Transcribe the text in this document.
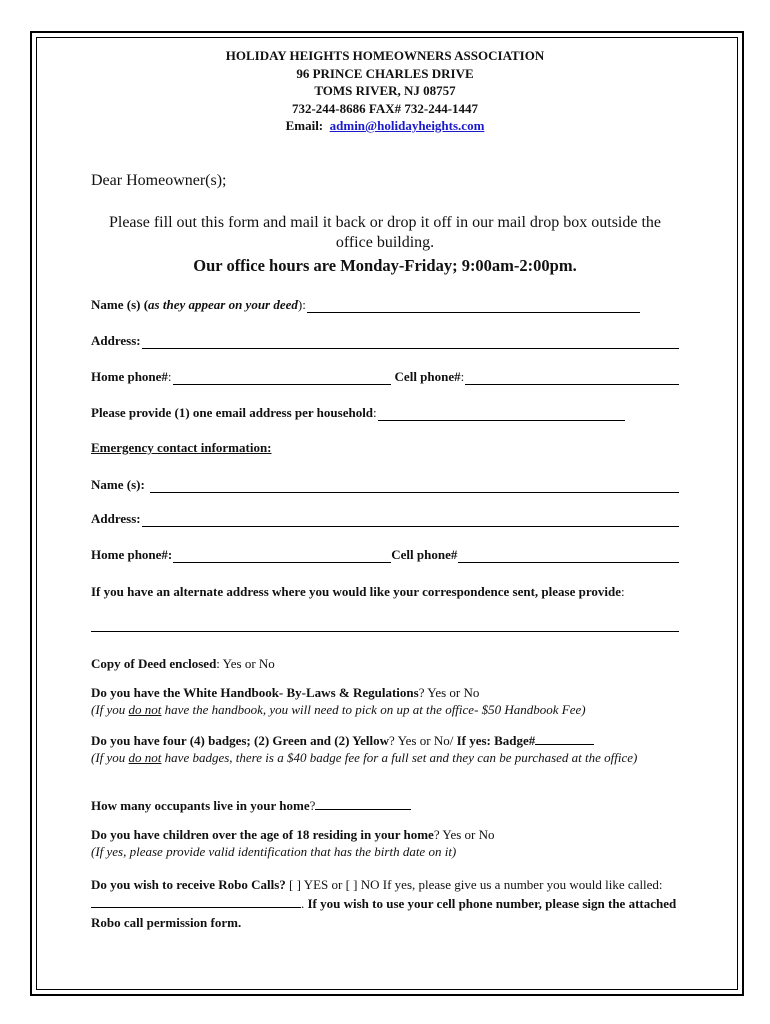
HOLIDAY HEIGHTS HOMEOWNERS ASSOCIATION
96 PRINCE CHARLES DRIVE
TOMS RIVER, NJ 08757
732-244-8686 FAX# 732-244-1447
Email: admin@holidayheights.com
Dear Homeowner(s);
Please fill out this form and mail it back or drop it off in our mail drop box outside the office building.
Our office hours are Monday-Friday; 9:00am-2:00pm.
Name (s) (as they appear on your deed):
Address:
Home phone#:	Cell phone#:
Please provide (1) one email address per household:
Emergency contact information:
Name (s):
Address:
Home phone#:	Cell phone#
If you have an alternate address where you would like your correspondence sent, please provide:
Copy of Deed enclosed: Yes or No
Do you have the White Handbook- By-Laws & Regulations? Yes or No
(If you do not have the handbook, you will need to pick on up at the office- $50 Handbook Fee)
Do you have four (4) badges; (2) Green and (2) Yellow? Yes or No/ If yes: Badge#
(If you do not have badges, there is a $40 badge fee for a full set and they can be purchased at the office)
How many occupants live in your home?
Do you have children over the age of 18 residing in your home? Yes or No
(If yes, please provide valid identification that has the birth date on it)
Do you wish to receive Robo Calls? [ ] YES or [ ] NO If yes, please give us a number you would like called:. If you wish to use your cell phone number, please sign the attached Robo call permission form.
